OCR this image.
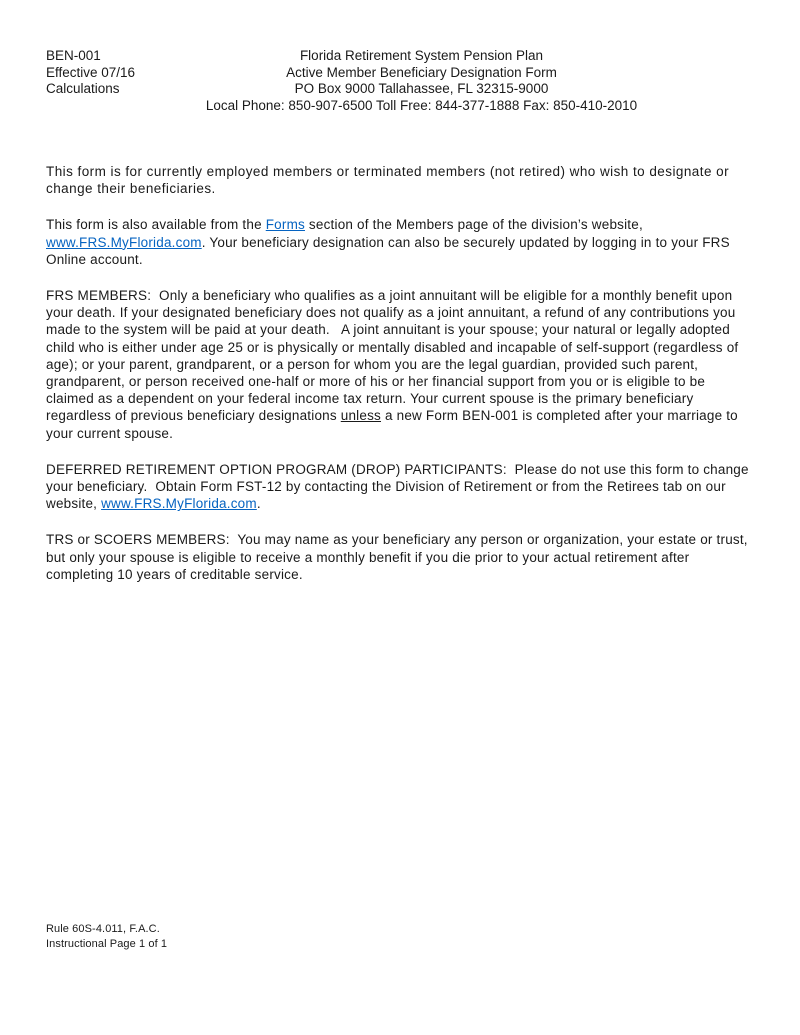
BEN-001
Effective 07/16
Calculations
Florida Retirement System Pension Plan
Active Member Beneficiary Designation Form
PO Box 9000 Tallahassee, FL 32315-9000
Local Phone: 850-907-6500 Toll Free: 844-377-1888 Fax: 850-410-2010

This form is for currently employed members or terminated members (not retired) who wish to designate or change their beneficiaries.

This form is also available from the Forms section of the Members page of the division’s website, www.FRS.MyFlorida.com. Your beneficiary designation can also be securely updated by logging in to your FRS Online account.

FRS MEMBERS:  Only a beneficiary who qualifies as a joint annuitant will be eligible for a monthly benefit upon your death. If your designated beneficiary does not qualify as a joint annuitant, a refund of any contributions you made to the system will be paid at your death.   A joint annuitant is your spouse; your natural or legally adopted child who is either under age 25 or is physically or mentally disabled and incapable of self-support (regardless of age); or your parent, grandparent, or a person for whom you are the legal guardian, provided such parent, grandparent, or person received one-half or more of his or her financial support from you or is eligible to be claimed as a dependent on your federal income tax return. Your current spouse is the primary beneficiary regardless of previous beneficiary designations unless a new Form BEN-001 is completed after your marriage to your current spouse.

DEFERRED RETIREMENT OPTION PROGRAM (DROP) PARTICIPANTS:  Please do not use this form to change your beneficiary.  Obtain Form FST-12 by contacting the Division of Retirement or from the Retirees tab on our website, www.FRS.MyFlorida.com.

TRS or SCOERS MEMBERS:  You may name as your beneficiary any person or organization, your estate or trust, but only your spouse is eligible to receive a monthly benefit if you die prior to your actual retirement after completing 10 years of creditable service.

Rule 60S-4.011, F.A.C.
Instructional Page 1 of 1
